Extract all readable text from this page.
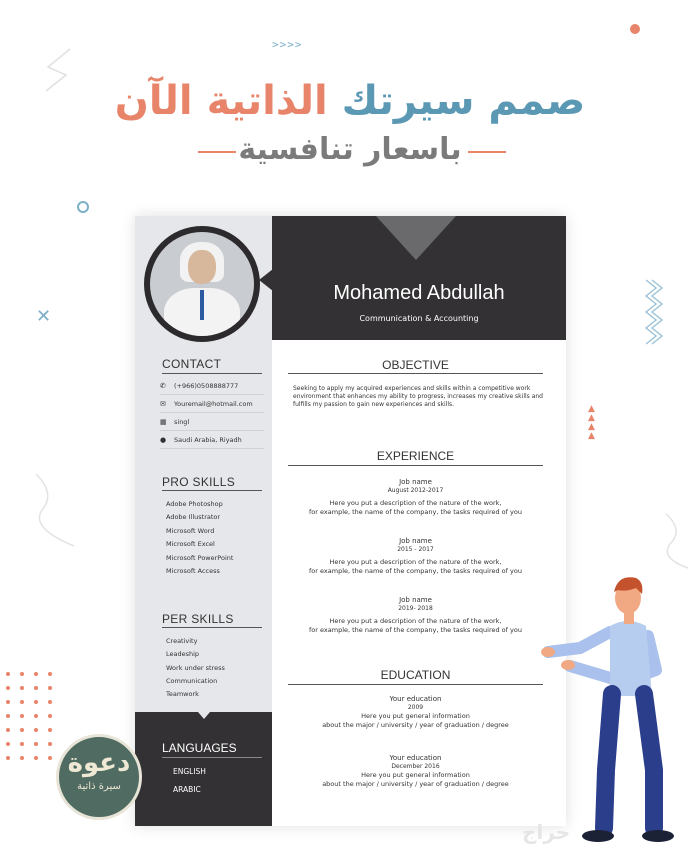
صمم سيرتك الذاتية الآن
باسعار تنافسية
>>>>
✕
▲
▲
▲
▲
Mohamed Abdullah
Communication & Accounting
CONTACT
✆	(+966)0508888777
✉	Youremail@hotmail.com
▦	singl
●	Saudi Arabia, Riyadh
PRO SKILLS
Adobe Photoshop
Adobe Illustrator
Microsoft Word
Microsoft Excel
Microsoft PowerPoint
Microsoft Access
PER SKILLS
Creativity
Leadeship
Work under stress
Communication
Teamwork
LANGUAGES
ENGLISH
ARABIC
OBJECTIVE
Seeking to apply my acquired experiences and skills within a competitive work environment that enhances my ability to progress, increases my creative skills and fulfills my passion to gain new experiences and skills.
EXPERIENCE
Job name
August 2012-2017
Here you put a description of the nature of the work,
for example, the name of the company, the tasks required of you
Job name
2015 - 2017
Here you put a description of the nature of the work,
for example, the name of the company, the tasks required of you
Job name
2019- 2018
Here you put a description of the nature of the work,
for example, the name of the company, the tasks required of you
EDUCATION
Your education
2009
Here you put general information
about the major / university / year of graduation / degree
Your education
December 2016
Here you put general information
about the major / university / year of graduation / degree
دعوة
سيرة ذاتية
حراج
